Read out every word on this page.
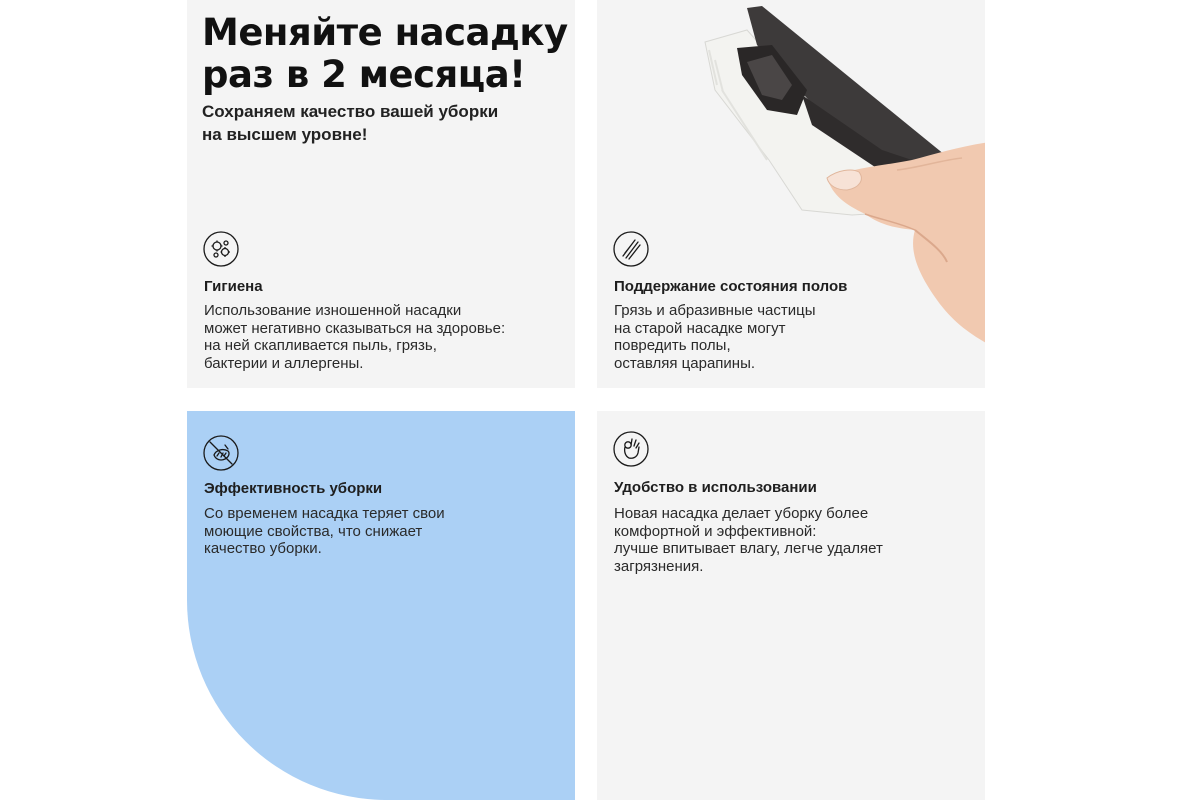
Меняйте насадку
раз в 2 месяца!

Сохраняем качество вашей уборки
на высшем уровне!

Гигиена

Использование изношенной насадки
может негативно сказываться на здоровье:
на ней скапливается пыль, грязь,
бактерии и аллергены.

Поддержание состояния полов

Грязь и абразивные частицы
на старой насадке могут
повредить полы,
оставляя царапины.

Эффективность уборки

Со временем насадка теряет свои
моющие свойства, что снижает
качество уборки.

Удобство в использовании

Новая насадка делает уборку более
комфортной и эффективной:
лучше впитывает влагу, легче удаляет
загрязнения.
